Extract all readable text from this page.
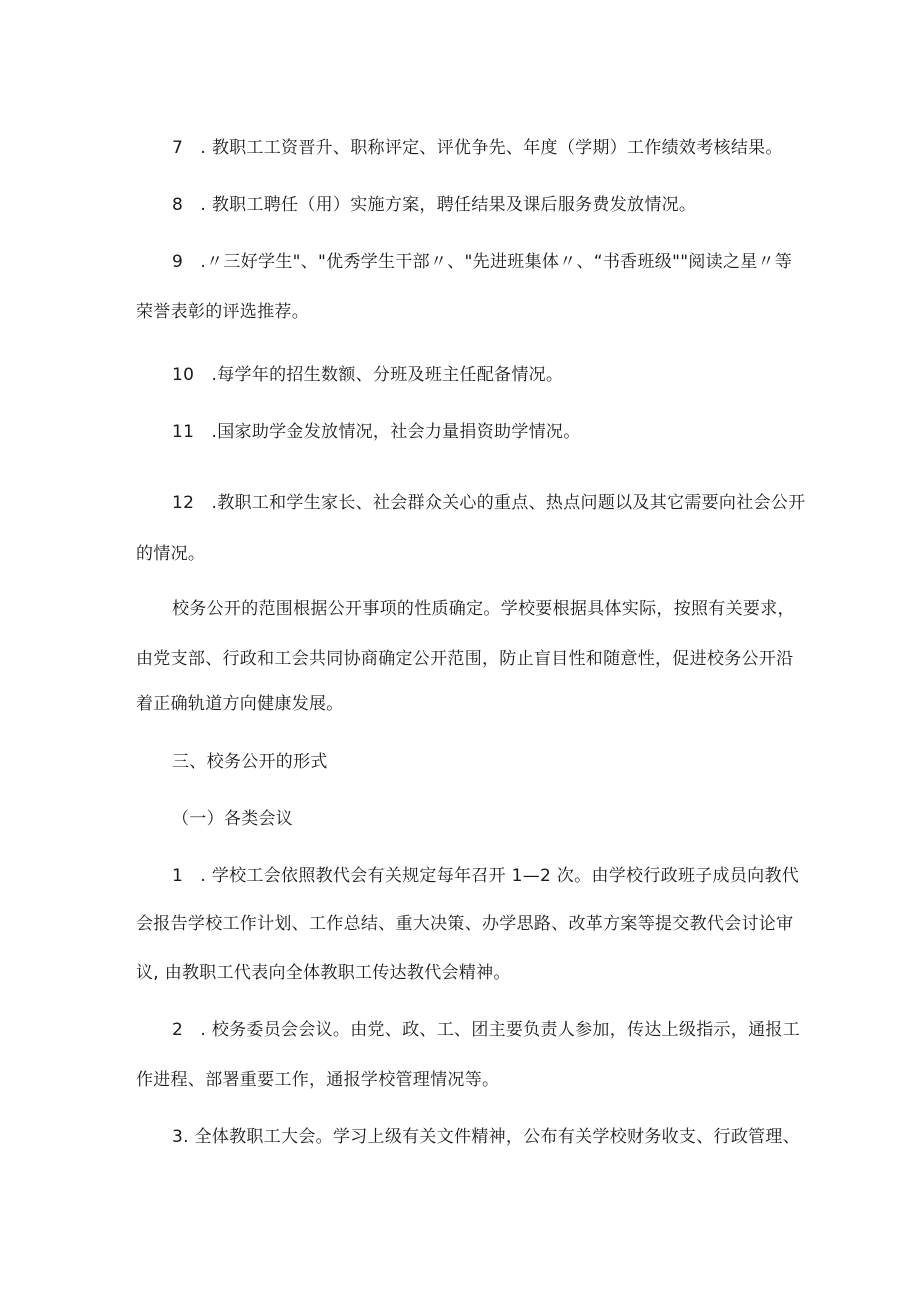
7　. 教职工工资晋升、职称评定、评优争先、年度（学期）工作绩效考核结果。
8　. 教职工聘任（用）实施方案，聘任结果及课后服务费发放情况。
9　.〃三好学生"、"优秀学生干部〃、"先进班集体〃、“书香班级""阅读之星〃等
荣誉表彰的评选推荐。
10　.每学年的招生数额、分班及班主任配备情况。
11　.国家助学金发放情况，社会力量捐资助学情况。
12　.教职工和学生家长、社会群众关心的重点、热点问题以及其它需要向社会公开
的情况。
校务公开的范围根据公开事项的性质确定。学校要根据具体实际，按照有关要求，
由党支部、行政和工会共同协商确定公开范围，防止盲目性和随意性，促进校务公开沿
着正确轨道方向健康发展。
三、校务公开的形式
（一）各类会议
1　. 学校工会依照教代会有关规定每年召开 1—2 次。由学校行政班子成员向教代
会报告学校工作计划、工作总结、重大决策、办学思路、改革方案等提交教代会讨论审
议, 由教职工代表向全体教职工传达教代会精神。
2　. 校务委员会会议。由党、政、工、团主要负责人参加，传达上级指示，通报工
作进程、部署重要工作，通报学校管理情况等。
3. 全体教职工大会。学习上级有关文件精神，公布有关学校财务收支、行政管理、
